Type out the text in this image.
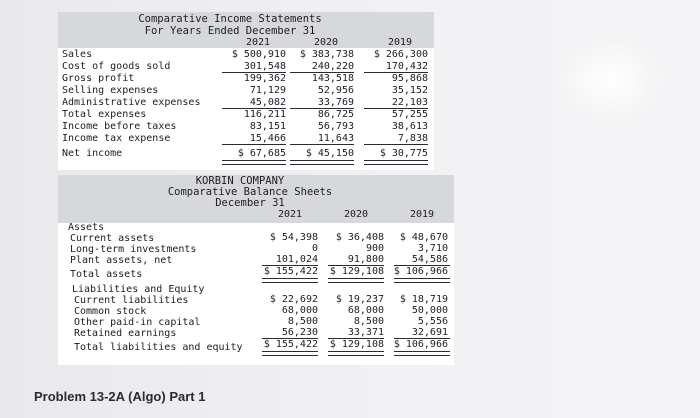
Comparative Income Statements
For Years Ended December 31
2021	2020	2019
Sales	$ 500,910	$ 383,738	$ 266,300
Cost of goods sold	301,548	240,220	170,432
Gross profit	199,362	143,518	95,868
Selling expenses	71,129	52,956	35,152
Administrative expenses	45,082	33,769	22,103
Total expenses	116,211	86,725	57,255
Income before taxes	83,151	56,793	38,613
Income tax expense	15,466	11,643	7,838
Net income	$ 67,685	$ 45,150	$ 30,775
KORBIN COMPANY
Comparative Balance Sheets
December 31
2021	2020	2019
Assets
Current assets	$ 54,398	$ 36,408	$ 48,670
Long-term investments	0	900	3,710
Plant assets, net	101,024	91,800	54,586
Total assets	$ 155,422	$ 129,108 $ 106,966
Liabilities and Equity
Current liabilities	$ 22,692	$ 19,237	$ 18,719
Common stock	68,000	68,000	50,000
Other paid-in capital	8,500	8,500	5,556
Retained earnings	56,230	33,371	32,691
Total liabilities and equity	$ 155,422	$ 129,108 $ 106,966
Problem 13-2A (Algo) Part 1
